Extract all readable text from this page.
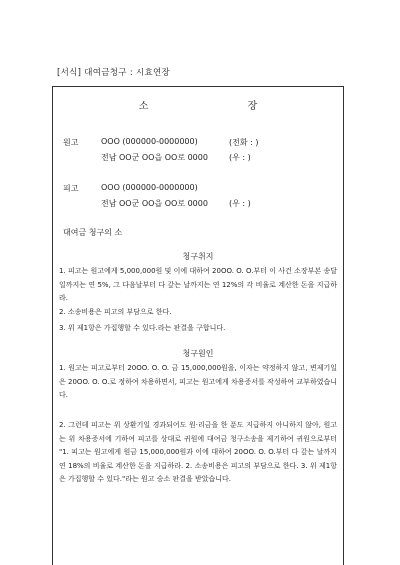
[서식] 대여금청구 : 시효연장
소 장
원고	OOO (000000-0000000)	(전화 : )
전남 OO군 OO읍 OO로 0000	(우 : )
피고	OOO (000000-0000000)
전남 OO군 OO읍 OO로 0000	(우 : )
대여금 청구의 소
청구취지
1. 피고는 원고에게 5,000,000원 및 이에 대하여 20OO. O. O.부터 이 사건 소장부본 송달일까지는 연 5%, 그 다음날부터 다 갚는 날까지는 연 12%의 각 비율로 계산한 돈을 지급하라.
2. 소송비용은 피고의 부담으로 한다.
3. 위 제1항은 가집행할 수 있다.라는 판결을 구합니다.
청구원인
1. 원고는 피고로부터 20OO. O. O. 금 15,000,000원을, 이자는 약정하지 않고, 변제기일은 20OO. O. O.로 정하여 차용하면서, 피고는 원고에게 차용증서를 작성하여 교부하였습니다.
2. 그런데 피고는 위 상환기일 경과되어도 원·리금을 한 푼도 지급하지 아니하지 않아, 원고는 위 차용증서에 기하여 피고를 상대로 귀원에 대여금 청구소송을 제기하여 귀원으로부터 "1. 피고는 원고에게 원금 15,000,000원과 이에 대하여 20OO. O. O.부터 다 갚는 날까지 연 18%의 비율로 계산한 돈을 지급하라. 2. 소송비용은 피고의 부담으로 한다. 3. 위 제1항은 가집행할 수 있다."라는 원고 승소 판결을 받았습니다.
